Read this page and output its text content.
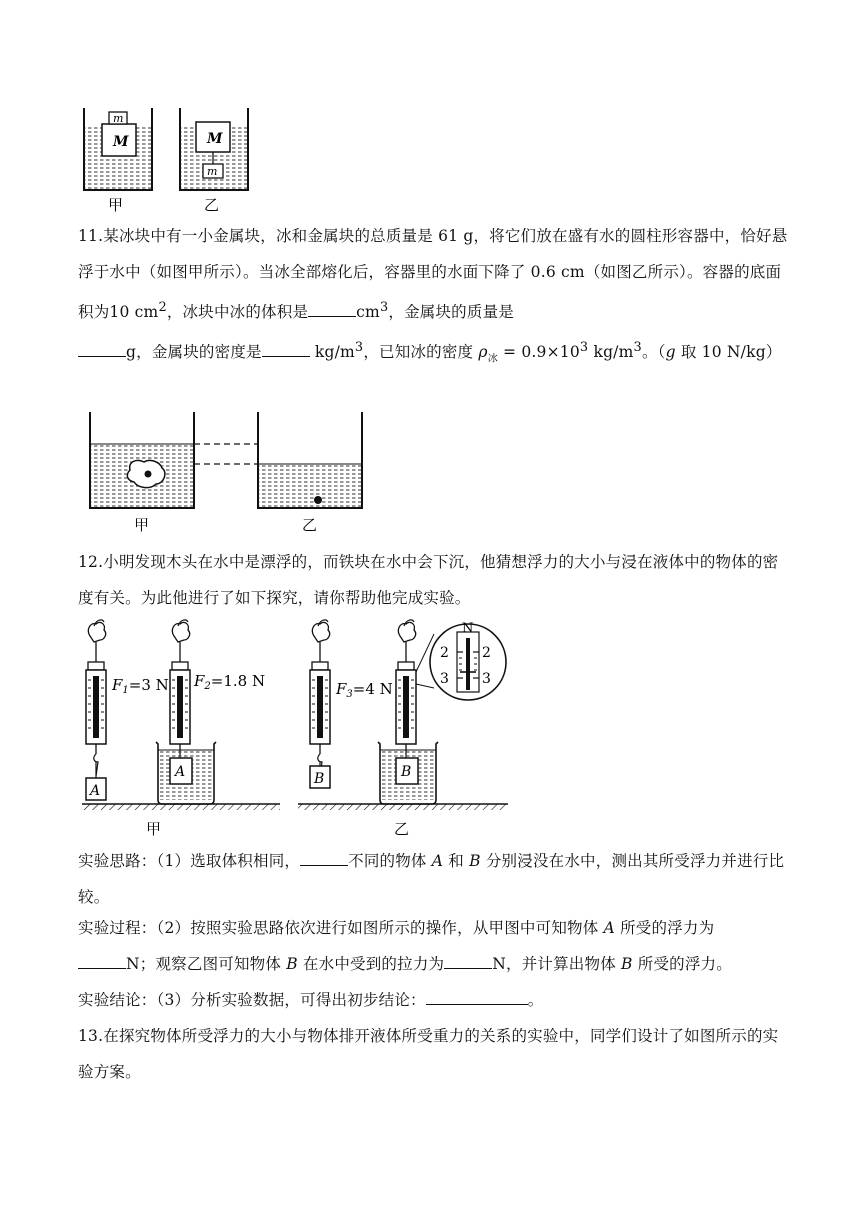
M
m
M
m
甲	乙

11.某冰块中有一小金属块，冰和金属块的总质量是 61 g，将它们放在盛有水的圆柱形容器中，恰好悬浮于水中（如图甲所示）。当冰全部熔化后，容器里的水面下降了 0.6 cm（如图乙所示）。容器的底面积为10 $cm^2$，冰块中冰的体积是	$cm^3$，金属块的质量是
g，金属块的密度是	$kg/m^3$，已知冰的密度 $\rho_冰 = 0.9\times 10^3$ $kg/m^3$。（g 取 10 N/kg）

甲	乙

12.小明发现木头在水中是漂浮的，而铁块在水中会下沉，他猜想浮力的大小与浸在液体中的物体的密度有关。为此他进行了如下探究，请你帮助他完成实验。

A
A
$F_1=3$ N $F_2=1.8$ N
B
$F_3=4$ N
B
N
2 2
3 3
甲	乙

实验思路：（1）选取体积相同，	不同的物体 A 和 B 分别浸没在水中，测出其所受浮力并进行比较。

实验过程：（2）按照实验思路依次进行如图所示的操作，从甲图中可知物体 A 所受的浮力为
N；观察乙图可知物体 B 在水中受到的拉力为	N，并计算出物体 B 所受的浮力。

实验结论：（3）分析实验数据，可得出初步结论：	。

13.在探究物体所受浮力的大小与物体排开液体所受重力的关系的实验中，同学们设计了如图所示的实验方案。
